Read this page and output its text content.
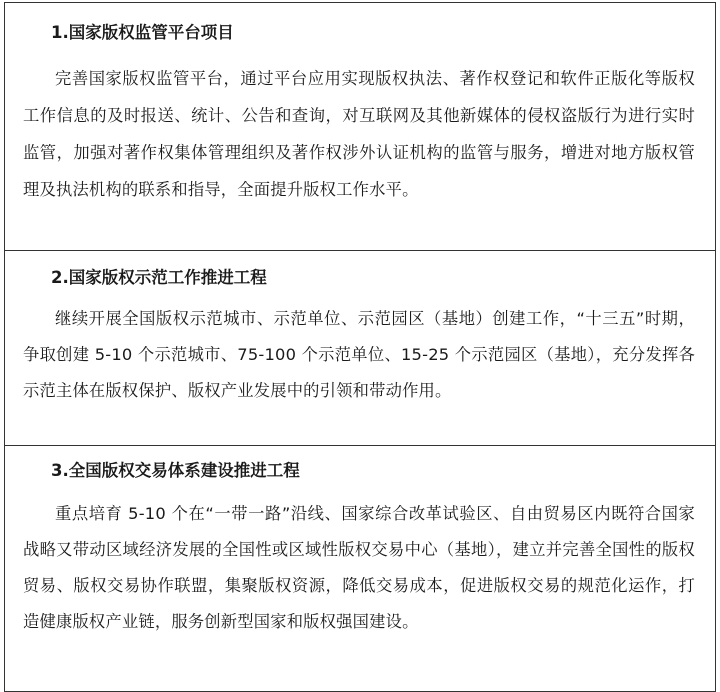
1.国家版权监管平台项目

完善国家版权监管平台，通过平台应用实现版权执法、著作权登记和软件正版化等版权工作信息的及时报送、统计、公告和查询，对互联网及其他新媒体的侵权盗版行为进行实时监管，加强对著作权集体管理组织及著作权涉外认证机构的监管与服务，增进对地方版权管理及执法机构的联系和指导，全面提升版权工作水平。

2.国家版权示范工作推进工程

继续开展全国版权示范城市、示范单位、示范园区（基地）创建工作，“十三五”时期，争取创建 5-10 个示范城市、75-100 个示范单位、15-25 个示范园区（基地），充分发挥各示范主体在版权保护、版权产业发展中的引领和带动作用。

3.全国版权交易体系建设推进工程

重点培育 5-10 个在“一带一路”沿线、国家综合改革试验区、自由贸易区内既符合国家战略又带动区域经济发展的全国性或区域性版权交易中心（基地），建立并完善全国性的版权贸易、版权交易协作联盟，集聚版权资源，降低交易成本，促进版权交易的规范化运作，打造健康版权产业链，服务创新型国家和版权强国建设。
